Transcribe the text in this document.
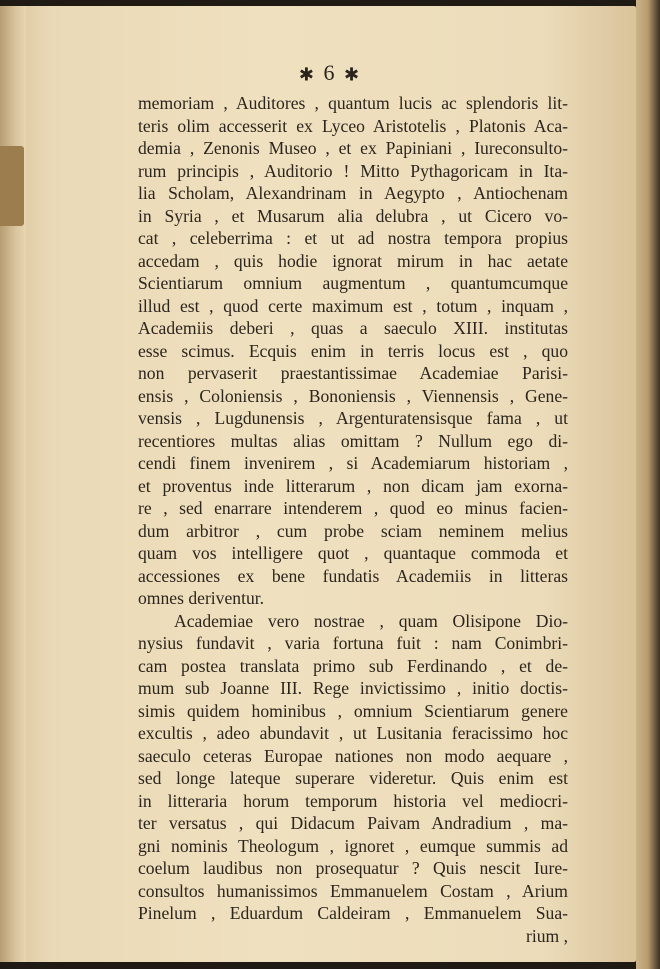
✱ 6 ✱
memoriam , Auditores , quantum lucis ac splendoris lit-
teris olim accesserit ex Lyceo Aristotelis , Platonis Aca-
demia , Zenonis Museo , et ex Papiniani , Iureconsulto-
rum principis , Auditorio ! Mitto Pythagoricam in Ita-
lia Scholam, Alexandrinam in Aegypto , Antiochenam
in Syria , et Musarum alia delubra , ut Cicero vo-
cat , celeberrima : et ut ad nostra tempora propius
accedam , quis hodie ignorat mirum in hac aetate
Scientiarum omnium augmentum , quantumcumque
illud est , quod certe maximum est , totum , inquam ,
Academiis deberi , quas a saeculo XIII. institutas
esse scimus. Ecquis enim in terris locus est , quo
non pervaserit praestantissimae Academiae Parisi-
ensis , Coloniensis , Bononiensis , Viennensis , Gene-
vensis , Lugdunensis , Argenturatensisque fama , ut
recentiores multas alias omittam ? Nullum ego di-
cendi finem invenirem , si Academiarum historiam ,
et proventus inde litterarum , non dicam jam exorna-
re , sed enarrare intenderem , quod eo minus facien-
dum arbitror , cum probe sciam neminem melius
quam vos intelligere quot , quantaque commoda et
accessiones ex bene fundatis Academiis in litteras
omnes deriventur.
Academiae vero nostrae , quam Olisipone Dio-
nysius fundavit , varia fortuna fuit : nam Conimbri-
cam postea translata primo sub Ferdinando , et de-
mum sub Joanne III. Rege invictissimo , initio doctis-
simis quidem hominibus , omnium Scientiarum genere
excultis , adeo abundavit , ut Lusitania feracissimo hoc
saeculo ceteras Europae nationes non modo aequare ,
sed longe lateque superare videretur. Quis enim est
in litteraria horum temporum historia vel mediocri-
ter versatus , qui Didacum Paivam Andradium , ma-
gni nominis Theologum , ignoret , eumque summis ad
coelum laudibus non prosequatur ? Quis nescit Iure-
consultos humanissimos Emmanuelem Costam , Arium
Pinelum , Eduardum Caldeiram , Emmanuelem Sua-
rium ,
